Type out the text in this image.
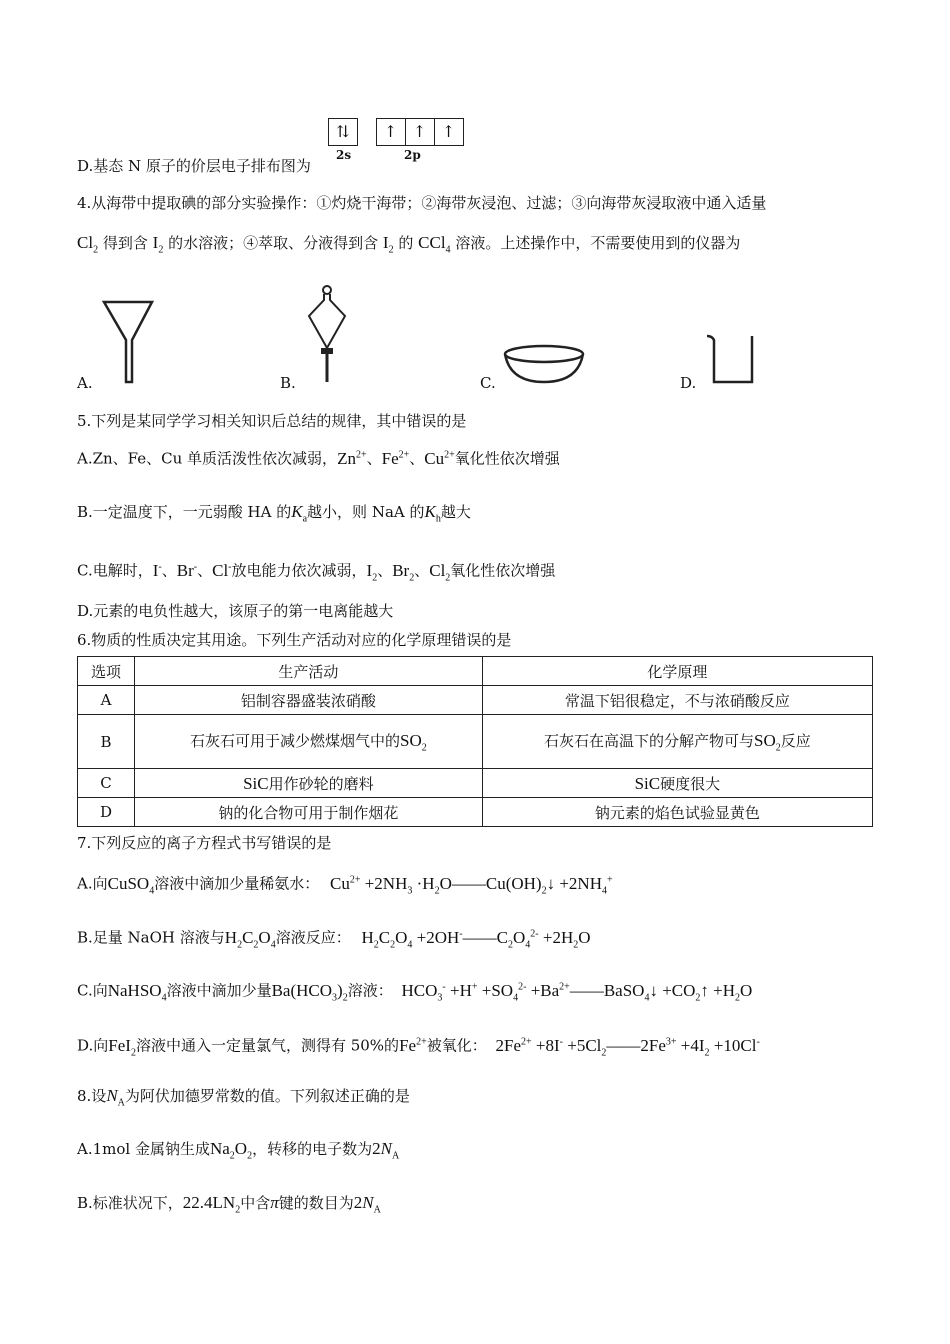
D.基态 N 原子的价层电子排布图为
⇅ ↑ ↑ ↑
2s	2p
4.从海带中提取碘的部分实验操作：①灼烧干海带；②海带灰浸泡、过滤；③向海带灰浸取液中通入适量
$Cl_2$ 得到含 $I_2$ 的水溶液；④萃取、分液得到含 $I_2$ 的 CCl$_4$ 溶液。上述操作中，不需要使用到的仪器为
A.	B.	C.	D.
5.下列是某同学学习相关知识后总结的规律，其中错误的是
A.Zn、Fe、Cu 单质活泼性依次减弱，$Zn^{2+}$、$Fe^{2+}$、$Cu^{2+}$氧化性依次增强
B.一定温度下，一元弱酸 HA 的$K_a$越小，则 NaA 的$K_h$越大
C.电解时，I-、Br-、Cl-放电能力依次减弱，$I_2$、$Br_2$、$Cl_2$氧化性依次增强
D.元素的电负性越大，该原子的第一电离能越大
6.物质的性质决定其用途。下列生产活动对应的化学原理错误的是
选项	生产活动	化学原理
A	铝制容器盛装浓硝酸	常温下铝很稳定，不与浓硝酸反应
B	石灰石可用于减少燃煤烟气中的$SO_2$	石灰石在高温下的分解产物可与$SO_2$反应
C	SiC用作砂轮的磨料	SiC硬度很大
D	钠的化合物可用于制作烟花	钠元素的焰色试验显黄色
7.下列反应的离子方程式书写错误的是
A.向CuSO$_4$溶液中滴加少量稀氨水： $Cu^{2+} +2NH_3$ $\cdot H_2O——Cu(OH)_2↓ +2NH_4^+$
B.足量 NaOH 溶液与$H_2C_2O_4$溶液反应： $H_2C_2O_4$ $+2OH^-——C_2O_4^{2-} +2H_2O$
C.向NaHSO$_4$溶液中滴加少量$Ba(HCO_3)_2$溶液： $HCO_3^- +H^+ +SO_4^{2-}$ $+Ba^{2+}——BaSO_4↓$ $+CO_2↑ +H_2O$
D.向FeI$_2$溶液中通入一定量氯气，测得有 50%的$Fe^{2+}$被氧化： $2Fe^{2+} +8I^-$ $+5Cl_2——2Fe^{3+} +4I_2 +10Cl^-$
8.设$N_A$为阿伏加德罗常数的值。下列叙述正确的是
A.1mol 金属钠生成$Na_2O_2$，转移的电子数为$2N_A$
B.标准状况下，$22.4LN_2$中含π键的数目为$2N_A$
